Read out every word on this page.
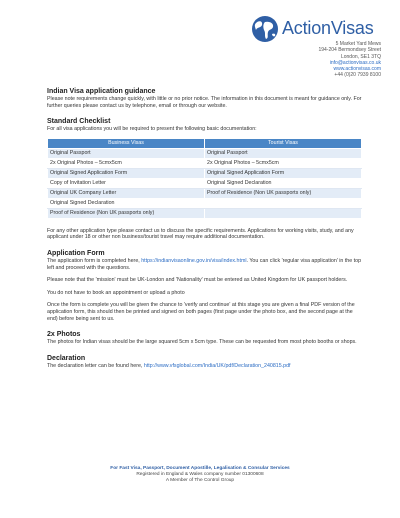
ActionVisas
5 Market Yard Mews
194-204 Bermondsey Street
London, SE1 3TQ
info@actionvisas.co.uk
www.actionvisas.com
+44 (0)20 7939 8100
Indian Visa application guidance

Please note requirements change quickly, with little or no prior notice. The information in this document is meant for guidance only. For further queries please contact us by telephone, email or through our website.

Standard Checklist

For all visa applications you will be required to present the following basic documentation:

Business Visas	Tourist Visas
Original Passport	Original Passport
2x Original Photos – 5cmx5cm	2x Original Photos – 5cmx5cm
Original Signed Application Form	Original Signed Application Form
Copy of Invitation Letter	Original Signed Declaration
Original UK Company Letter	Proof of Residence (Non UK passports only)
Original Signed Declaration	
Proof of Residence (Non UK passports only)	

For any other application type please contact us to discuss the specific requirements. Applications for working visits, study, and any applicant under 18 or other non business/tourist travel may require additional documentation.

Application Form

The application form is completed here, https://indianvisaonline.gov.in/visa/index.html. You can click 'regular visa application' in the top left and proceed with the questions.

Please note that the 'mission' must be UK-London and 'Nationality' must be entered as United Kingdom for UK passport holders.

You do not have to book an appointment or upload a photo

Once the form is complete you will be given the chance to 'verify and continue' at this stage you are given a final PDF version of the application form, this should then be printed and signed on both pages (first page under the photo box, and the second page at the end) before being sent to us.

2x Photos

The photos for Indian visas should be the large squared 5cm x 5cm type. These can be requested from most photo booths or shops.

Declaration

The declaration letter can be found here, http://www.vfsglobal.com/India/UK/pdf/Declaration_240815.pdf

For Fast Visa, Passport, Document Apostille, Legalisation & Consular Services
Registered in England & Wales company number 01300608
A Member of The Control Group
